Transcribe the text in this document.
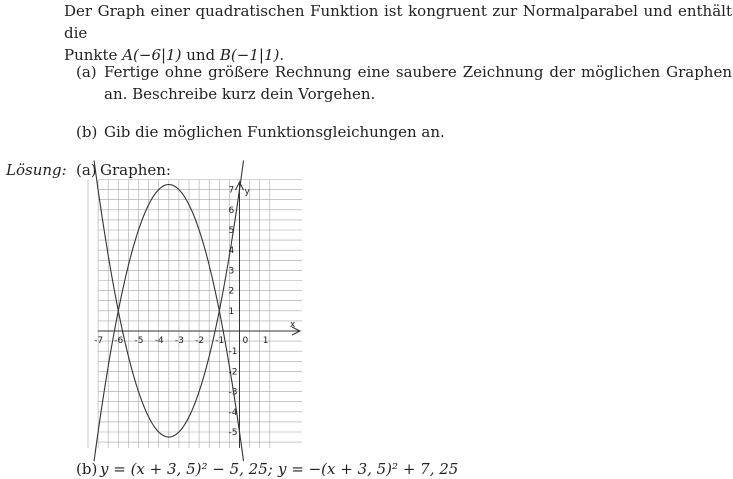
Der Graph einer quadratischen Funktion ist kongruent zur Normalparabel und enthält die
Punkte A(−6|1) und B(−1|1).
(a) Fertige ohne größere Rechnung eine saubere Zeichnung der möglichen Graphen an. Beschreibe kurz dein Vorgehen.
(b) Gib die möglichen Funktionsgleichungen an.
Lösung: (a) Graphen:
x
y
-7 -6 -5 -4 -3 -2 -1 0 1
7
6
5
4
3
2
1
-1
-2
-3
-4
-5
(b) y = (x + 3, 5)² − 5, 25; y = −(x + 3, 5)² + 7, 25
